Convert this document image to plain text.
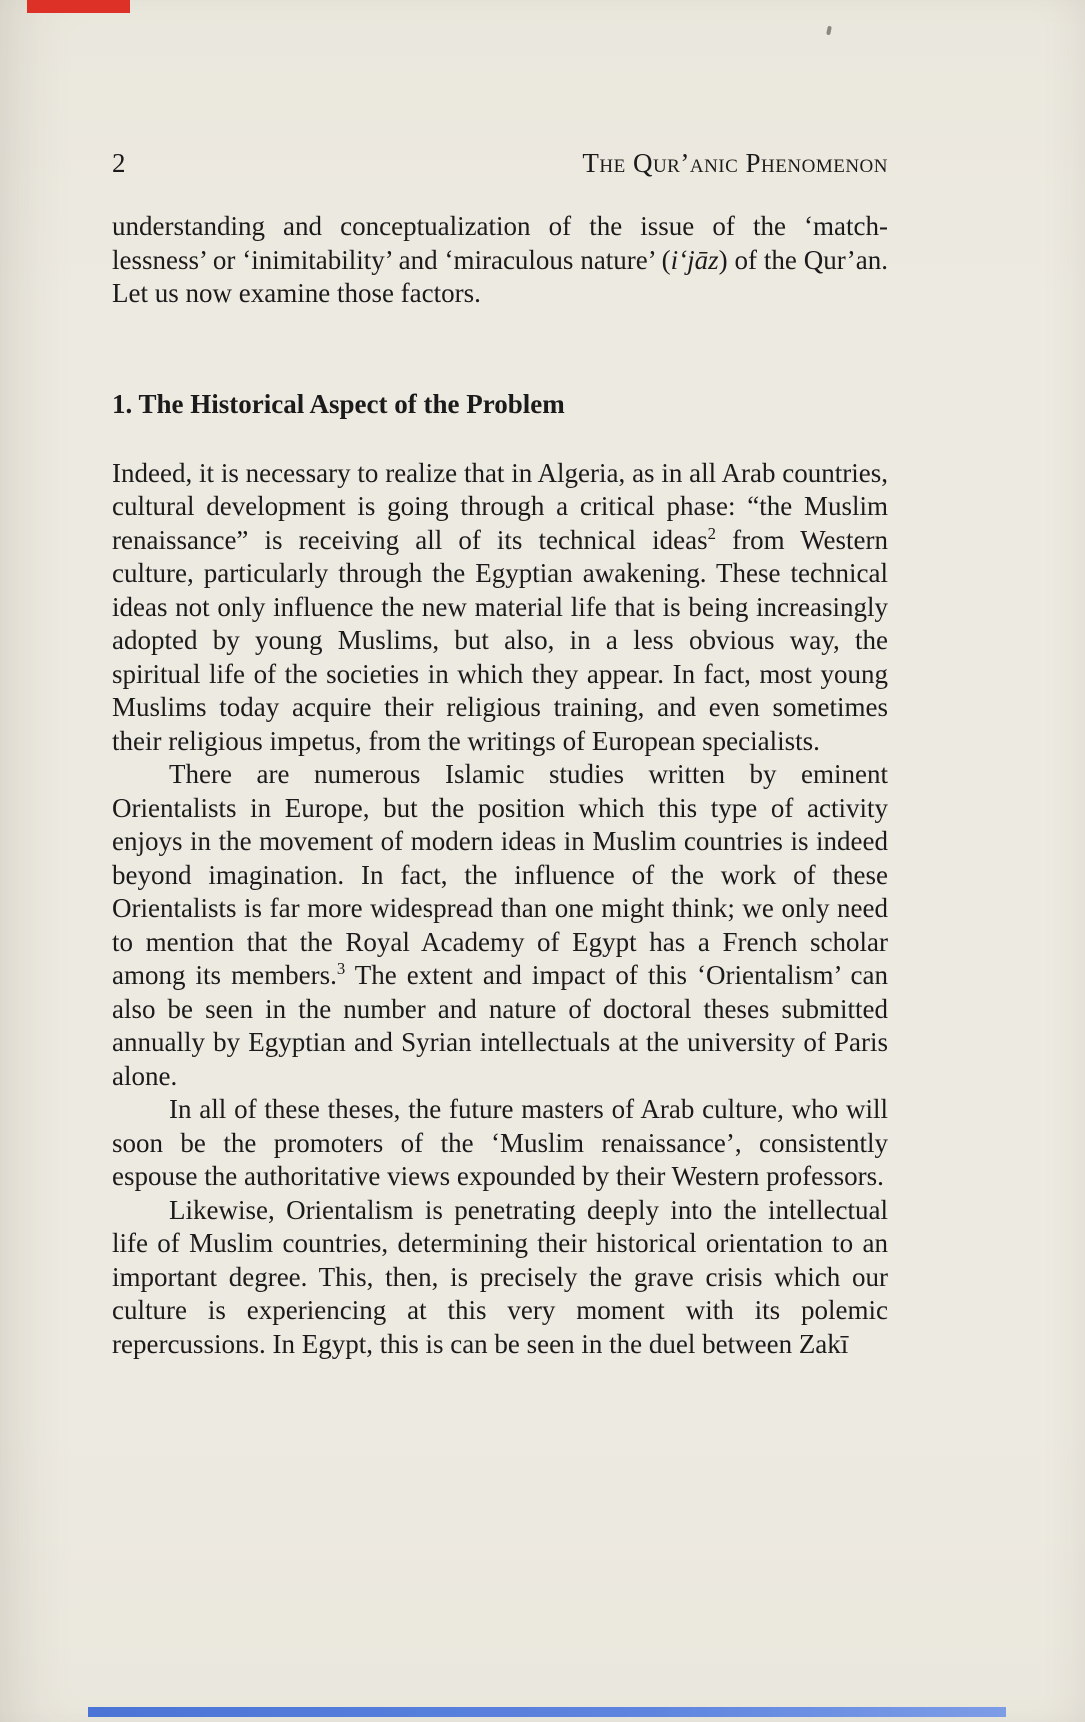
2	The Qur’anic Phenomenon

understanding and conceptualization of the issue of the ‘match-lessness’ or ‘inimitability’ and ‘miraculous nature’ (i‘jāz) of the Qur’an. Let us now examine those factors.

1. The Historical Aspect of the Problem

Indeed, it is necessary to realize that in Algeria, as in all Arab countries, cultural development is going through a critical phase: “the Muslim renaissance” is receiving all of its technical ideas$^2$ from Western culture, particularly through the Egyptian awakening. These technical ideas not only influence the new material life that is being increasingly adopted by young Muslims, but also, in a less obvious way, the spiritual life of the societies in which they appear. In fact, most young Muslims today acquire their religious training, and even sometimes their religious impetus, from the writings of European specialists.

There are numerous Islamic studies written by eminent Orientalists in Europe, but the position which this type of activity enjoys in the movement of modern ideas in Muslim countries is indeed beyond imagination. In fact, the influence of the work of these Orientalists is far more widespread than one might think; we only need to mention that the Royal Academy of Egypt has a French scholar among its members.$^3$ The extent and impact of this ‘Orientalism’ can also be seen in the number and nature of doctoral theses submitted annually by Egyptian and Syrian intellectuals at the university of Paris alone.

In all of these theses, the future masters of Arab culture, who will soon be the promoters of the ‘Muslim renaissance’, consistently espouse the authoritative views expounded by their Western professors.

Likewise, Orientalism is penetrating deeply into the intellectual life of Muslim countries, determining their historical orientation to an important degree. This, then, is precisely the grave crisis which our culture is experiencing at this very moment with its polemic repercussions. In Egypt, this is can be seen in the duel between Zakī
